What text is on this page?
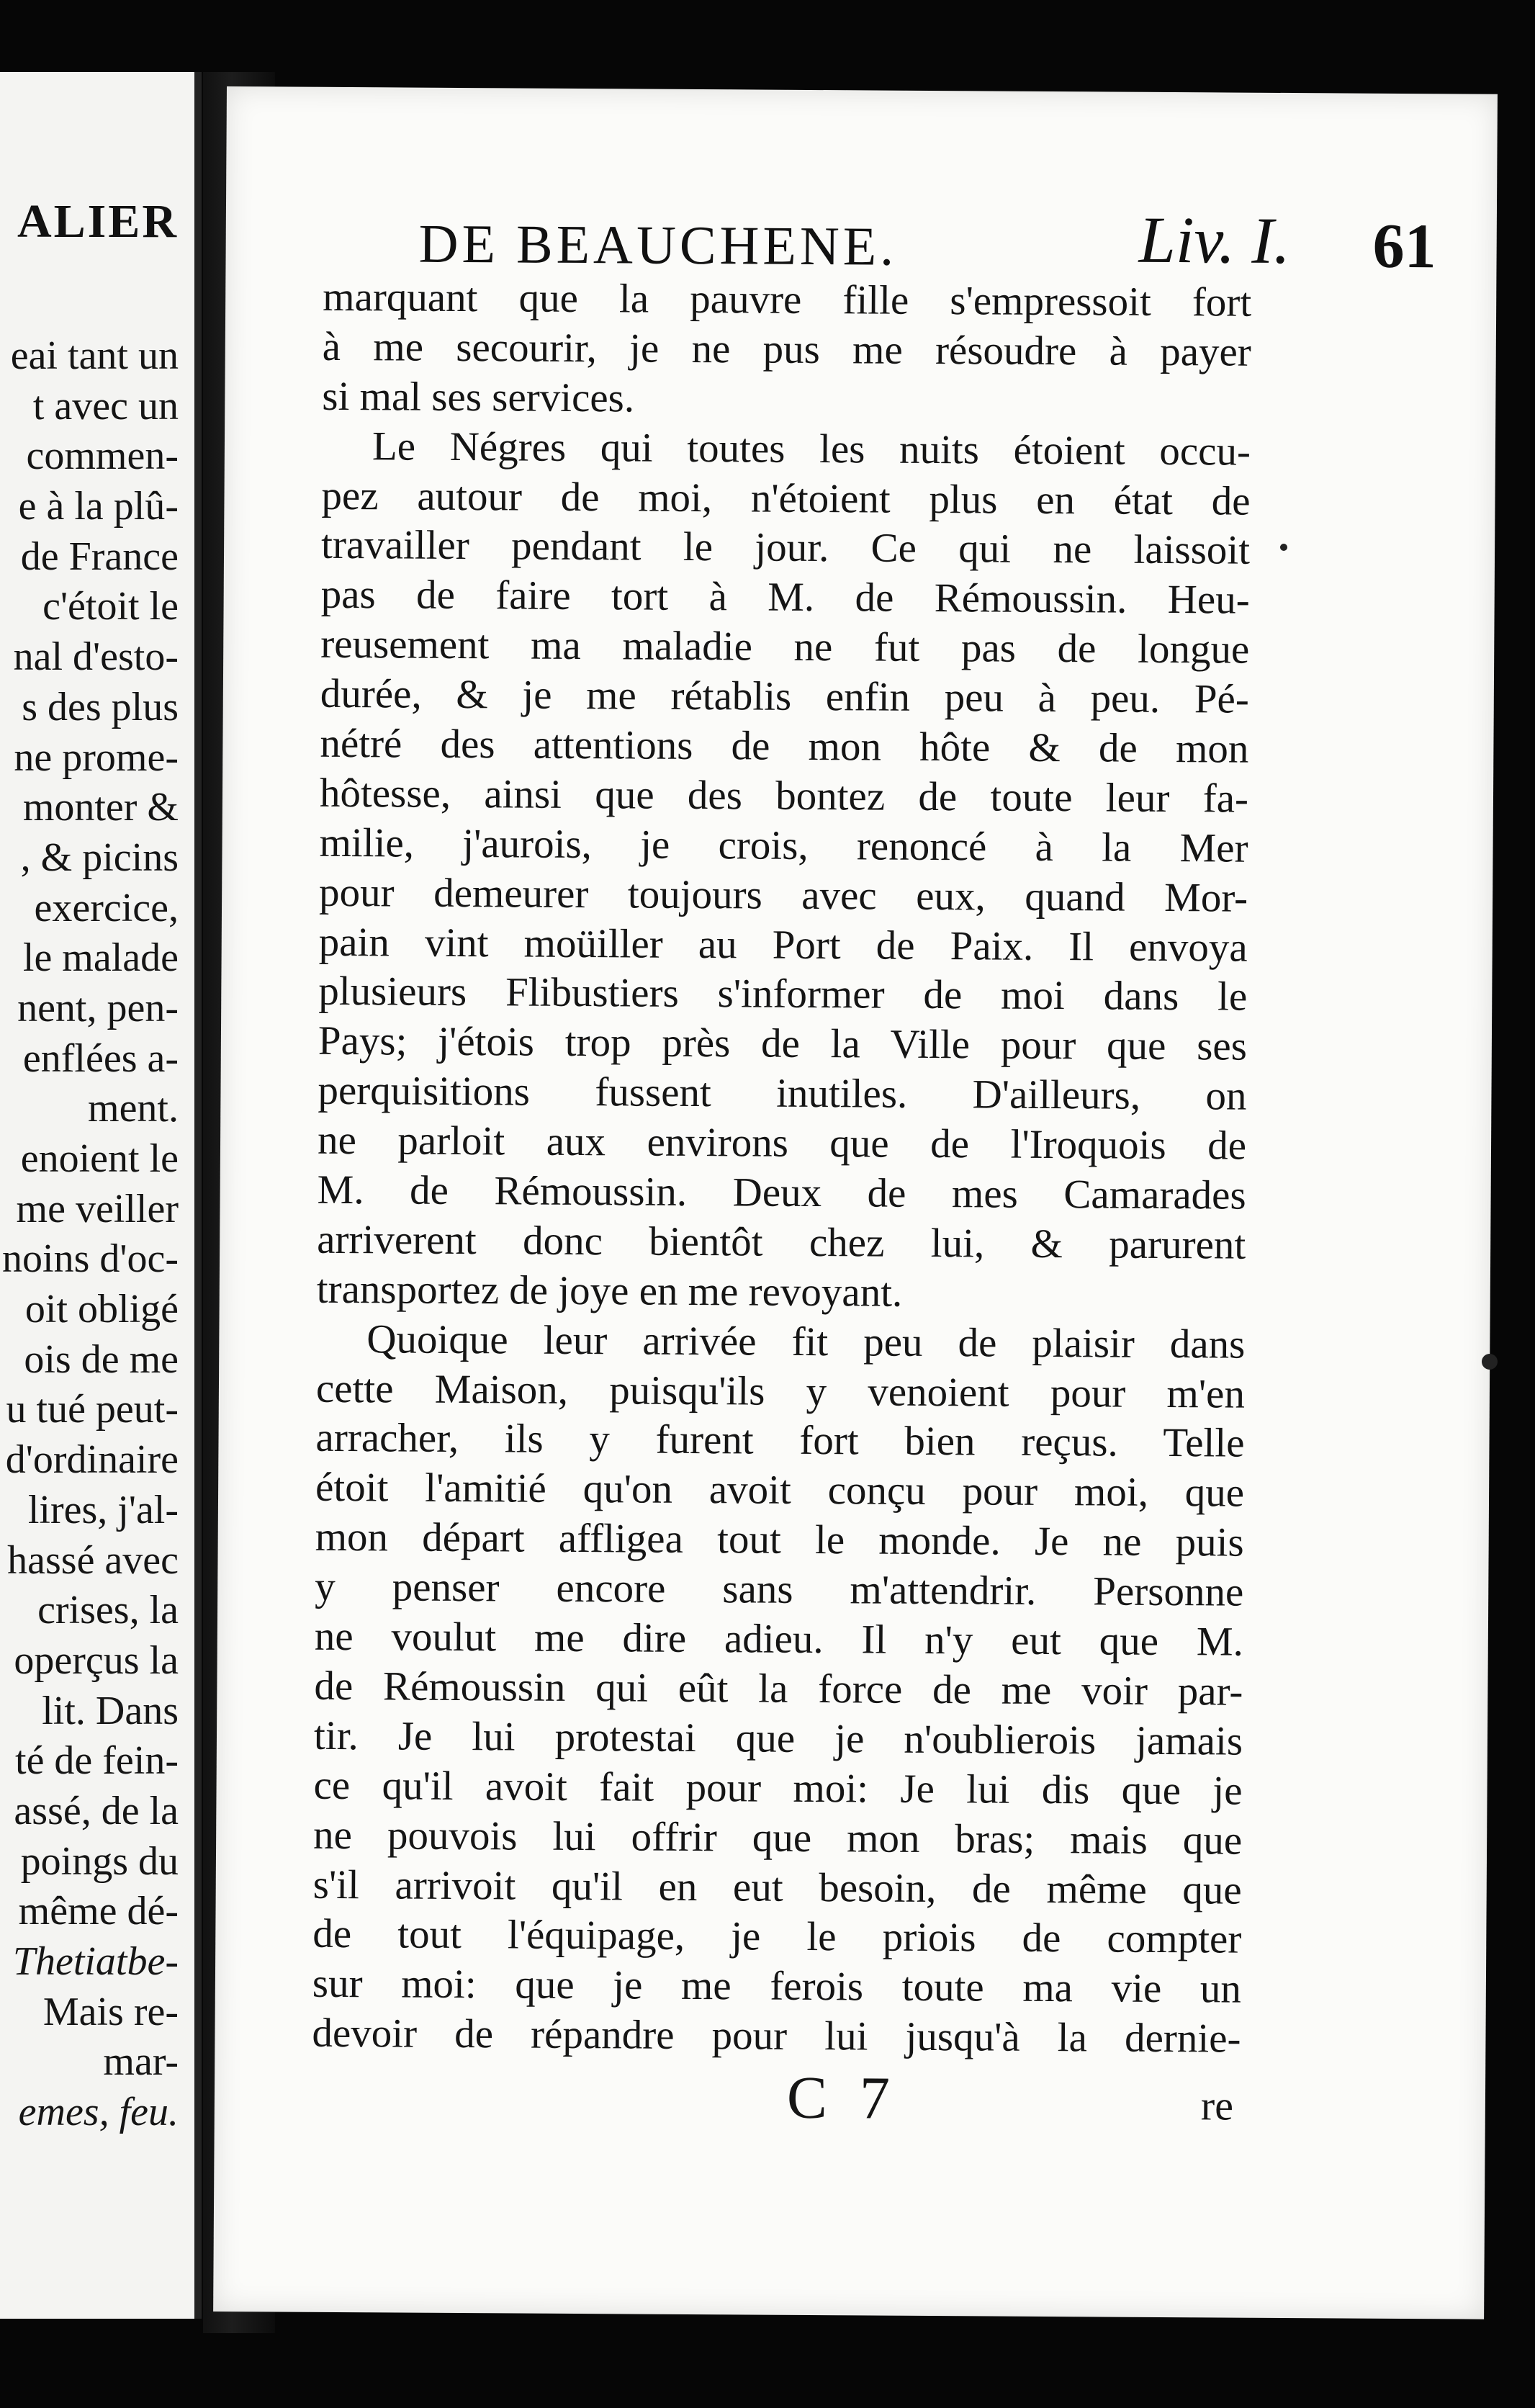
ALIER
eai tant un
t avec un
commen-
e à la plû-
de France
c'étoit le
nal d'esto-
s des plus
ne prome-
monter &
, & picins
exercice,
le malade
nent, pen-
enflées a-
ment.
enoient le
me veiller
noins d'oc-
oit obligé
ois de me
u tué peut-
d'ordinaire
lires, j'al-
hassé avec
crises, la
operçus la
lit. Dans
té de fein-
assé, de la
poings du
même dé-
Thetiatbe-
Mais re-
mar-
emes, feu.
DE BEAUCHENE.	Liv. I. 61
marquant que la pauvre fille s'empressoit fort
à me secourir, je ne pus me résoudre à payer
si mal ses services.
Le Négres qui toutes les nuits étoient occu-
pez autour de moi, n'étoient plus en état de
travailler pendant le jour. Ce qui ne laissoit
pas de faire tort à M. de Rémoussin. Heu-
reusement ma maladie ne fut pas de longue
durée, & je me rétablis enfin peu à peu. Pé-
nétré des attentions de mon hôte & de mon
hôtesse, ainsi que des bontez de toute leur fa-
milie, j'aurois, je crois, renoncé à la Mer
pour demeurer toujours avec eux, quand Mor-
pain vint moüiller au Port de Paix. Il envoya
plusieurs Flibustiers s'informer de moi dans le
Pays; j'étois trop près de la Ville pour que ses
perquisitions fussent inutiles. D'ailleurs, on
ne parloit aux environs que de l'Iroquois de
M. de Rémoussin. Deux de mes Camarades
arriverent donc bientôt chez lui, & parurent
transportez de joye en me revoyant.
Quoique leur arrivée fit peu de plaisir dans
cette Maison, puisqu'ils y venoient pour m'en
arracher, ils y furent fort bien reçus. Telle
étoit l'amitié qu'on avoit conçu pour moi, que
mon départ affligea tout le monde. Je ne puis
y penser encore sans m'attendrir. Personne
ne voulut me dire adieu. Il n'y eut que M.
de Rémoussin qui eût la force de me voir par-
tir. Je lui protestai que je n'oublierois jamais
ce qu'il avoit fait pour moi: Je lui dis que je
ne pouvois lui offrir que mon bras; mais que
s'il arrivoit qu'il en eut besoin, de même que
de tout l'équipage, je le priois de compter
sur moi: que je me ferois toute ma vie un
devoir de répandre pour lui jusqu'à la dernie-
C 7	re
